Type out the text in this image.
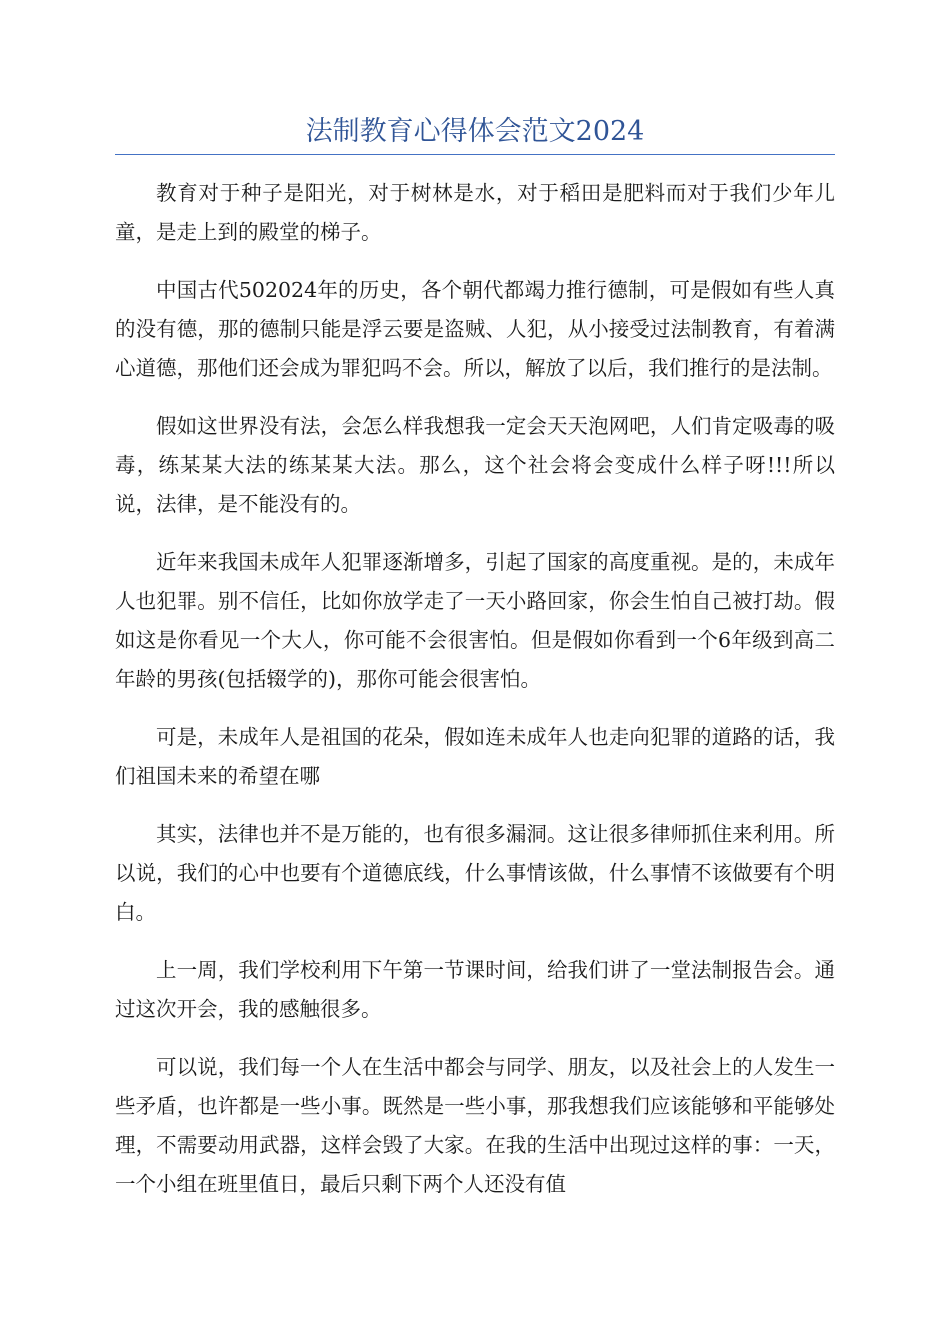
法制教育心得体会范文2024

教育对于种子是阳光，对于树林是水，对于稻田是肥料而对于我们少年儿童，是走上到的殿堂的梯子。

中国古代502024年的历史，各个朝代都竭力推行德制，可是假如有些人真的没有德，那的德制只能是浮云要是盗贼、人犯，从小接受过法制教育，有着满心道德，那他们还会成为罪犯吗不会。所以，解放了以后，我们推行的是法制。

假如这世界没有法，会怎么样我想我一定会天天泡网吧，人们肯定吸毒的吸毒，练某某大法的练某某大法。那么，这个社会将会变成什么样子呀!!!所以说，法律，是不能没有的。

近年来我国未成年人犯罪逐渐增多，引起了国家的高度重视。是的，未成年人也犯罪。别不信任，比如你放学走了一天小路回家，你会生怕自己被打劫。假如这是你看见一个大人，你可能不会很害怕。但是假如你看到一个6年级到高二年龄的男孩(包括辍学的)，那你可能会很害怕。

可是，未成年人是祖国的花朵，假如连未成年人也走向犯罪的道路的话，我们祖国未来的希望在哪

其实，法律也并不是万能的，也有很多漏洞。这让很多律师抓住来利用。所以说，我们的心中也要有个道德底线，什么事情该做，什么事情不该做要有个明白。

上一周，我们学校利用下午第一节课时间，给我们讲了一堂法制报告会。通过这次开会，我的感触很多。

可以说，我们每一个人在生活中都会与同学、朋友，以及社会上的人发生一些矛盾，也许都是一些小事。既然是一些小事，那我想我们应该能够和平能够处理，不需要动用武器，这样会毁了大家。在我的生活中出现过这样的事：一天，一个小组在班里值日，最后只剩下两个人还没有值
